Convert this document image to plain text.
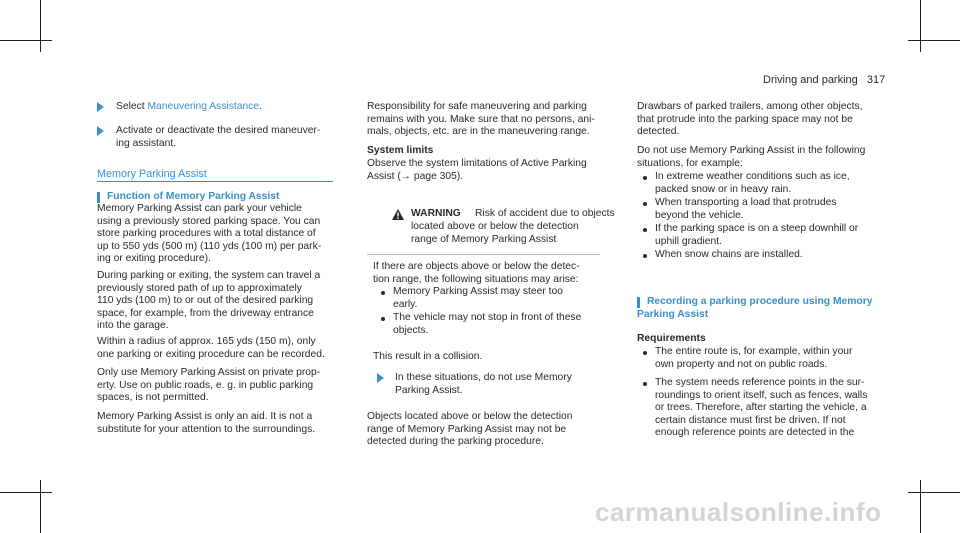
Driving and parking 317
Select Maneuvering Assistance.

Activate or deactivate the desired maneuver-

ing assistant.

Memory Parking Assist
Function of Memory Parking Assist

Memory Parking Assist can park your vehicle

using a previously stored parking space. You can

store parking procedures with a total distance of

up to 550 yds (500 m) (110 yds (100 m) per park-

ing or exiting procedure).

During parking or exiting, the system can travel a

previously stored path of up to approximately

110 yds (100 m) to or out of the desired parking

space, for example, from the driveway entrance

into the garage.

Within a radius of approx. 165 yds (150 m), only

one parking or exiting procedure can be recorded.

Only use Memory Parking Assist on private prop-

erty. Use on public roads, e. g. in public parking

spaces, is not permitted.

Memory Parking Assist is only an aid. It is not a

substitute for your attention to the surroundings.

Responsibility for safe maneuvering and parking

remains with you. Make sure that no persons, ani-

mals, objects, etc. are in the maneuvering range.

System limits

Observe the system limitations of Active Parking

Assist (→ page 305).

WARNING Risk of accident due to objects

located above or below the detection

range of Memory Parking Assist

If there are objects above or below the detec-

tion range, the following situations may arise:

Memory Parking Assist may steer too

early.

The vehicle may not stop in front of these

objects.

This result in a collision.

In these situations, do not use Memory

Parking Assist.

Objects located above or below the detection

range of Memory Parking Assist may not be

detected during the parking procedure.

Drawbars of parked trailers, among other objects,

that protrude into the parking space may not be

detected.

Do not use Memory Parking Assist in the following

situations, for example:

In extreme weather conditions such as ice,

packed snow or in heavy rain.

When transporting a load that protrudes

beyond the vehicle.

If the parking space is on a steep downhill or

uphill gradient.

When snow chains are installed.

Recording a parking procedure using Memory

Parking Assist

Requirements

The entire route is, for example, within your

own property and not on public roads.

The system needs reference points in the sur-

roundings to orient itself, such as fences, walls

or trees. Therefore, after starting the vehicle, a

certain distance must first be driven. If not

enough reference points are detected in the

carmanualsonline.info
